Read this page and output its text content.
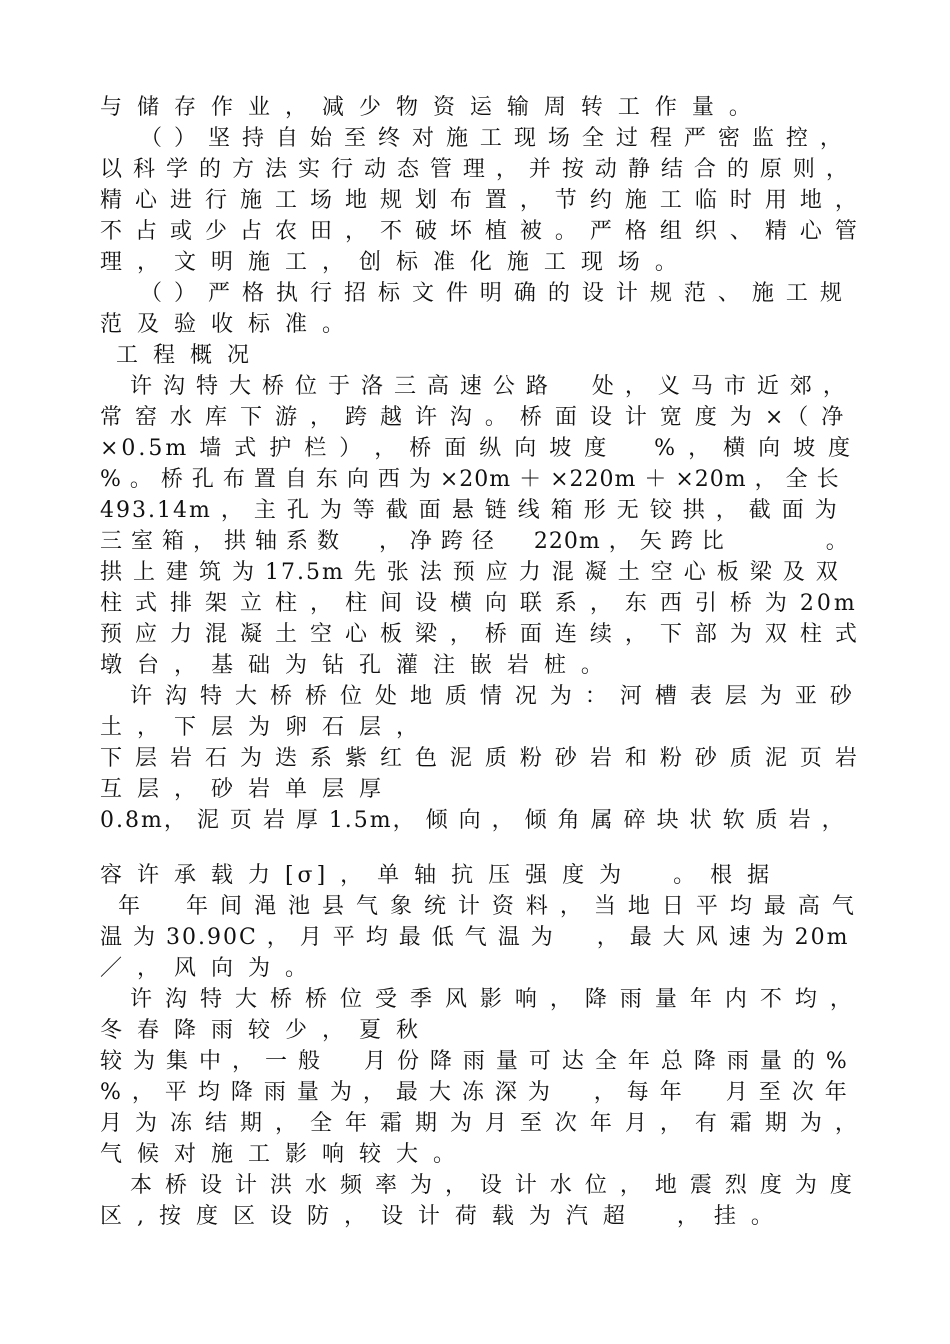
与 储 存 作 业 ， 减 少 物 资 运 输 周 转 工 作 量 。
（ ） 坚 持 自 始 至 终 对 施 工 现 场 全 过 程 严 密 监 控 ，
以 科 学 的 方 法 实 行 动 态 管 理 ， 并 按 动 静 结 合 的 原 则 ，
精 心 进 行 施 工 场 地 规 划 布 置 ， 节 约 施 工 临 时 用 地 ，
不 占 或 少 占 农 田 ， 不 破 坏 植 被 。 严 格 组 织 、 精 心 管
理 ， 文 明 施 工 ， 创 标 准 化 施 工 现 场 。
（ ） 严 格 执 行 招 标 文 件 明 确 的 设 计 规 范 、 施 工 规
范 及 验 收 标 准 。
工 程 概 况
许 沟 特 大 桥 位 于 洛 三 高 速 公 路 　 处 ， 义 马 市 近 郊 ，
常 窑 水 库 下 游 ， 跨 越 许 沟 。 桥 面 设 计 宽 度 为 ×（ 净
×0.5m 墙 式 护 栏 ） ， 桥 面 纵 向 坡 度 　 % ， 横 向 坡 度
% 。 桥 孔 布 置 自 东 向 西 为 ×20m ＋ ×220m ＋ ×20m ， 全 长
493.14m ， 主 孔 为 等 截 面 悬 链 线 箱 形 无 铰 拱 ， 截 面 为
三 室 箱 ， 拱 轴 系 数 　 ， 净 跨 径 　 220m ， 矢 跨 比 　 　 　 。
拱 上 建 筑 为 17.5m 先 张 法 预 应 力 混 凝 土 空 心 板 梁 及 双
柱 式 排 架 立 柱 ， 柱 间 设 横 向 联 系 ， 东 西 引 桥 为 20m
预 应 力 混 凝 土 空 心 板 梁 ， 桥 面 连 续 ， 下 部 为 双 柱 式
墩 台 ， 基 础 为 钻 孔 灌 注 嵌 岩 桩 。
许 沟 特 大 桥 桥 位 处 地 质 情 况 为 ： 河 槽 表 层 为 亚 砂
土 ， 下 层 为 卵 石 层 ，
下 层 岩 石 为 迭 系 紫 红 色 泥 质 粉 砂 岩 和 粉 砂 质 泥 页 岩
互 层 ， 砂 岩 单 层 厚
0.8m， 泥 页 岩 厚 1.5m， 倾 向 ， 倾 角 属 碎 块 状 软 质 岩 ，
容 许 承 载 力 [σ] ， 单 轴 抗 压 强 度 为 　 。 根 据
年 　 年 间 渑 池 县 气 象 统 计 资 料 ， 当 地 日 平 均 最 高 气
温 为 30.90C ， 月 平 均 最 低 气 温 为 　 ， 最 大 风 速 为 20m
／ ， 风 向 为 。
许 沟 特 大 桥 桥 位 受 季 风 影 响 ， 降 雨 量 年 内 不 均 ，
冬 春 降 雨 较 少 ， 夏 秋
较 为 集 中 ， 一 般 　 月 份 降 雨 量 可 达 全 年 总 降 雨 量 的 %
% ， 平 均 降 雨 量 为 ， 最 大 冻 深 为 　 ， 每 年 　 月 至 次 年
月 为 冻 结 期 ， 全 年 霜 期 为 月 至 次 年 月 ， 有 霜 期 为 ，
气 候 对 施 工 影 响 较 大 。
本 桥 设 计 洪 水 频 率 为 ， 设 计 水 位 ， 地 震 烈 度 为 度
区 , 按 度 区 设 防 ， 设 计 荷 载 为 汽 超 　 ， 挂 。
